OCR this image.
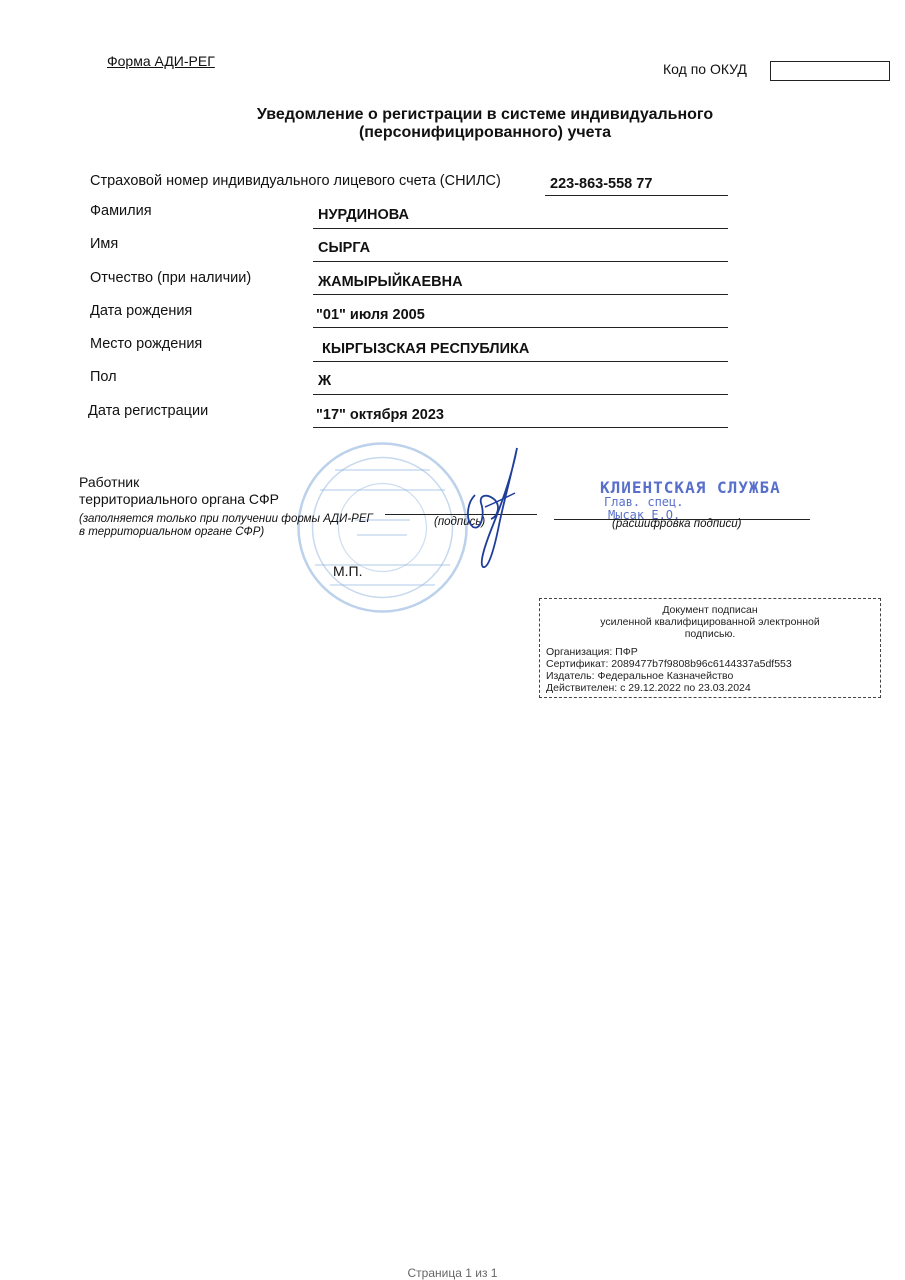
Форма АДИ-РЕГ	Код по ОКУД
Уведомление о регистрации в системе индивидуального
(персонифицированного) учета
Страховой номер индивидуального лицевого счета (СНИЛС)	223-863-558 77
Фамилия	НУРДИНОВА
Имя	СЫРГА
Отчество (при наличии)	ЖАМЫРЫЙКАЕВНА
Дата рождения	"01" июля 2005
Место рождения	КЫРГЫЗСКАЯ РЕСПУБЛИКА
Пол	Ж
Дата регистрации	"17" октября 2023
Работник
территориального органа СФР
(заполняется только при получении формы АДИ-РЕГ в территориальном органе СФР)
(подпись)	(расшифровка подписи)
М.П.
КЛИЕНТСКАЯ СЛУЖБА
Глав. спец.
Мысак Е.О.
Документ подписан
усиленной квалифицированной электронной
подписью.
Организация: ПФР
Сертификат: 2089477b7f9808b96c6144337a5df553
Издатель: Федеральное Казначейство
Действителен: с 29.12.2022 по 23.03.2024
Страница 1 из 1
